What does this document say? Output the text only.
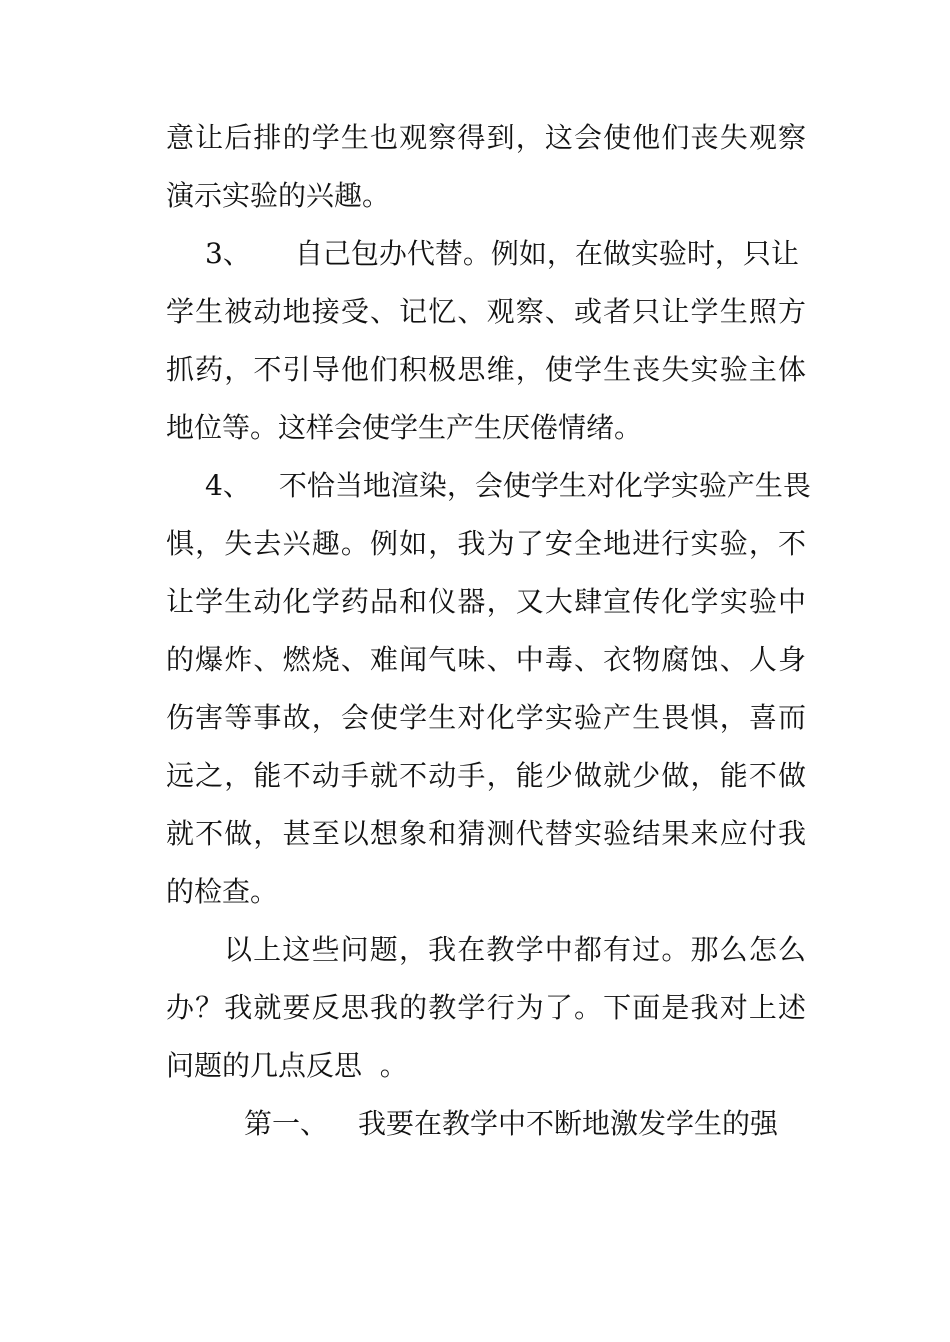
意让后排的学生也观察得到，这会使他们丧失观察
演示实验的兴趣。
3、 自己包办代替。例如，在做实验时，只让
学生被动地接受、记忆、观察、或者只让学生照方
抓药，不引导他们积极思维，使学生丧失实验主体
地位等。这样会使学生产生厌倦情绪。
4、 不恰当地渲染，会使学生对化学实验产生畏
惧，失去兴趣。例如，我为了安全地进行实验，不
让学生动化学药品和仪器，又大肆宣传化学实验中
的爆炸、燃烧、难闻气味、中毒、衣物腐蚀、人身
伤害等事故，会使学生对化学实验产生畏惧，喜而
远之，能不动手就不动手，能少做就少做，能不做
就不做，甚至以想象和猜测代替实验结果来应付我
的检查。
以上这些问题，我在教学中都有过。那么怎么
办？我就要反思我的教学行为了。下面是我对上述
问题的几点反思  。
第一、 我要在教学中不断地激发学生的强
